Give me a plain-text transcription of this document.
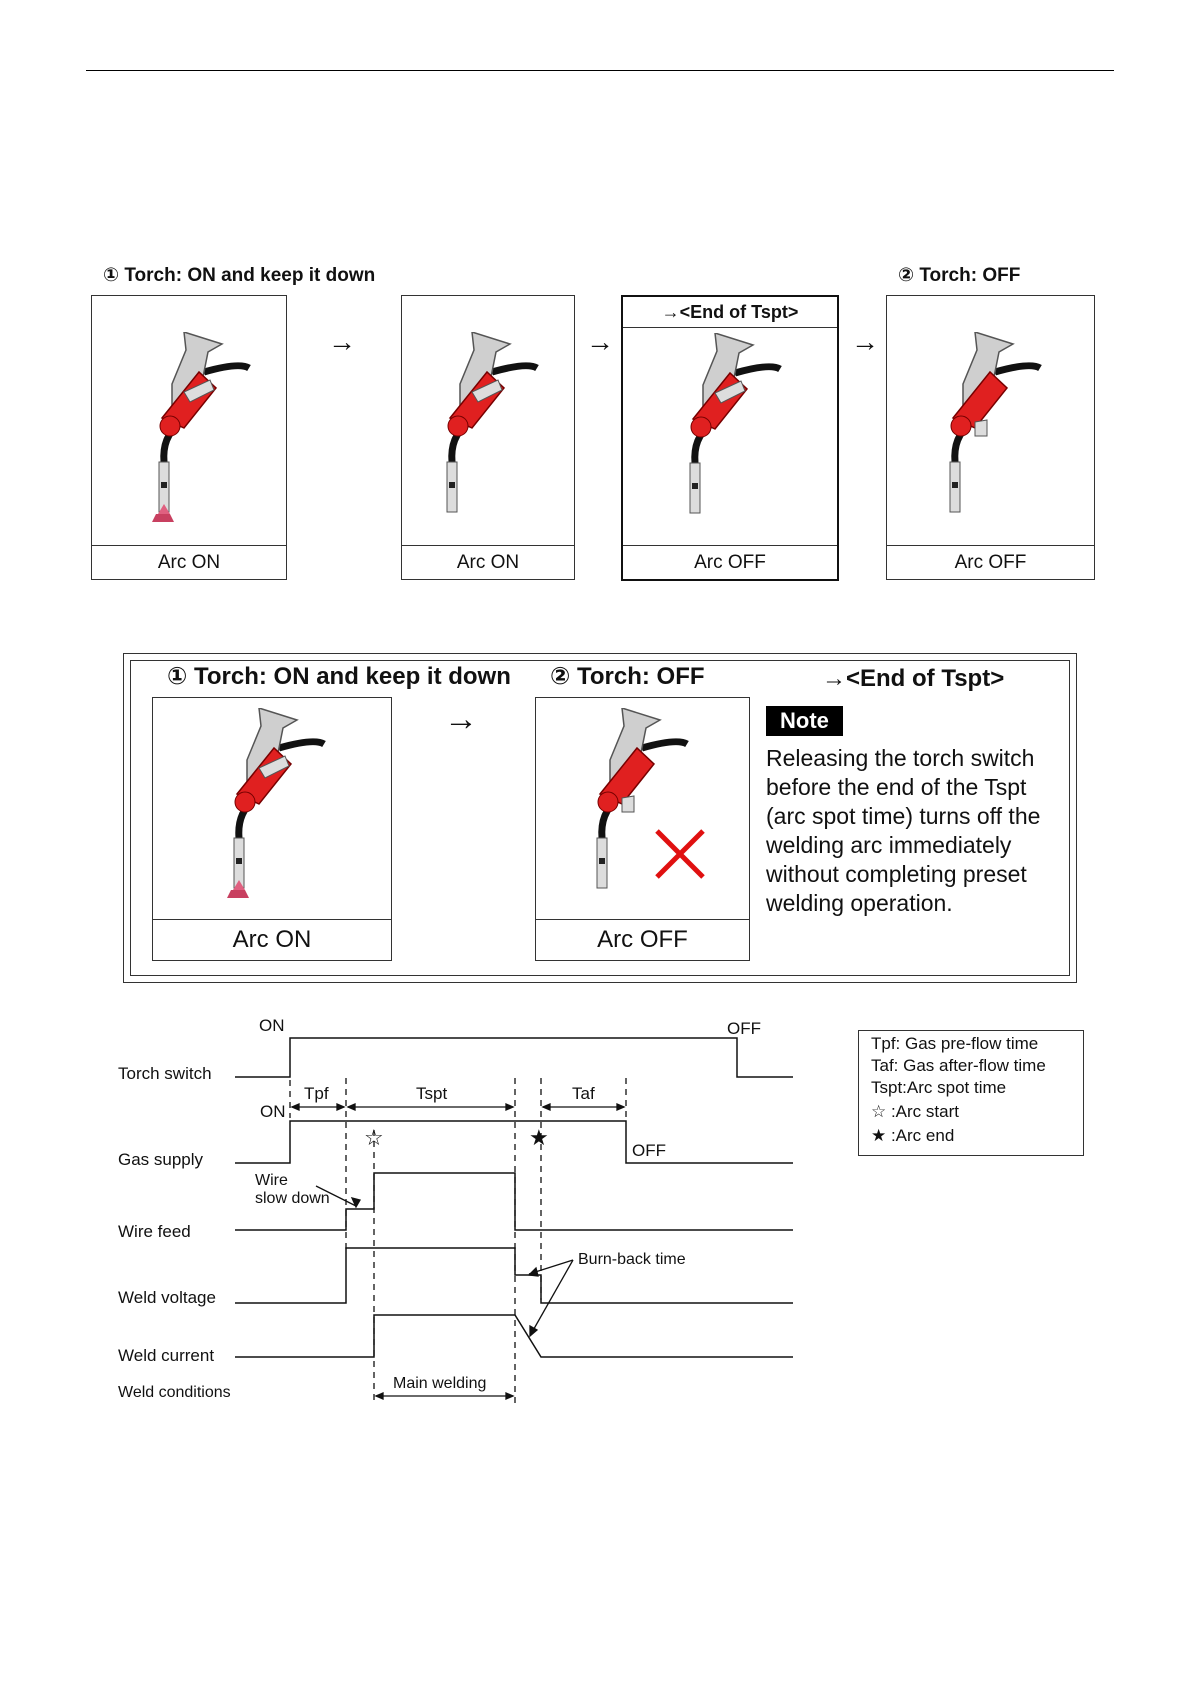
① Torch: ON and keep it down	② Torch: OFF
Arc ON
→
Arc ON
→
→<End of Tspt>
Arc OFF
→
Arc OFF
① Torch: ON and keep it down ② Torch: OFF	→<End of Tspt>
Arc ON
→
Arc OFF
Note
Releasing the torch switch before the end of the Tspt (arc spot time) turns off the welding arc immediately without completing preset welding operation.
Torch switch
Gas supply
Wire feed
Weld voltage
Weld current
Weld conditions
ON	OFF
ON
OFF
Tpf	Tspt	Taf
Wire
slow down
Burn-back time
Main welding
☆	★
Tpf: Gas pre-flow time
Taf: Gas after-flow time
Tspt:Arc spot time
☆ :Arc start
★ :Arc end
